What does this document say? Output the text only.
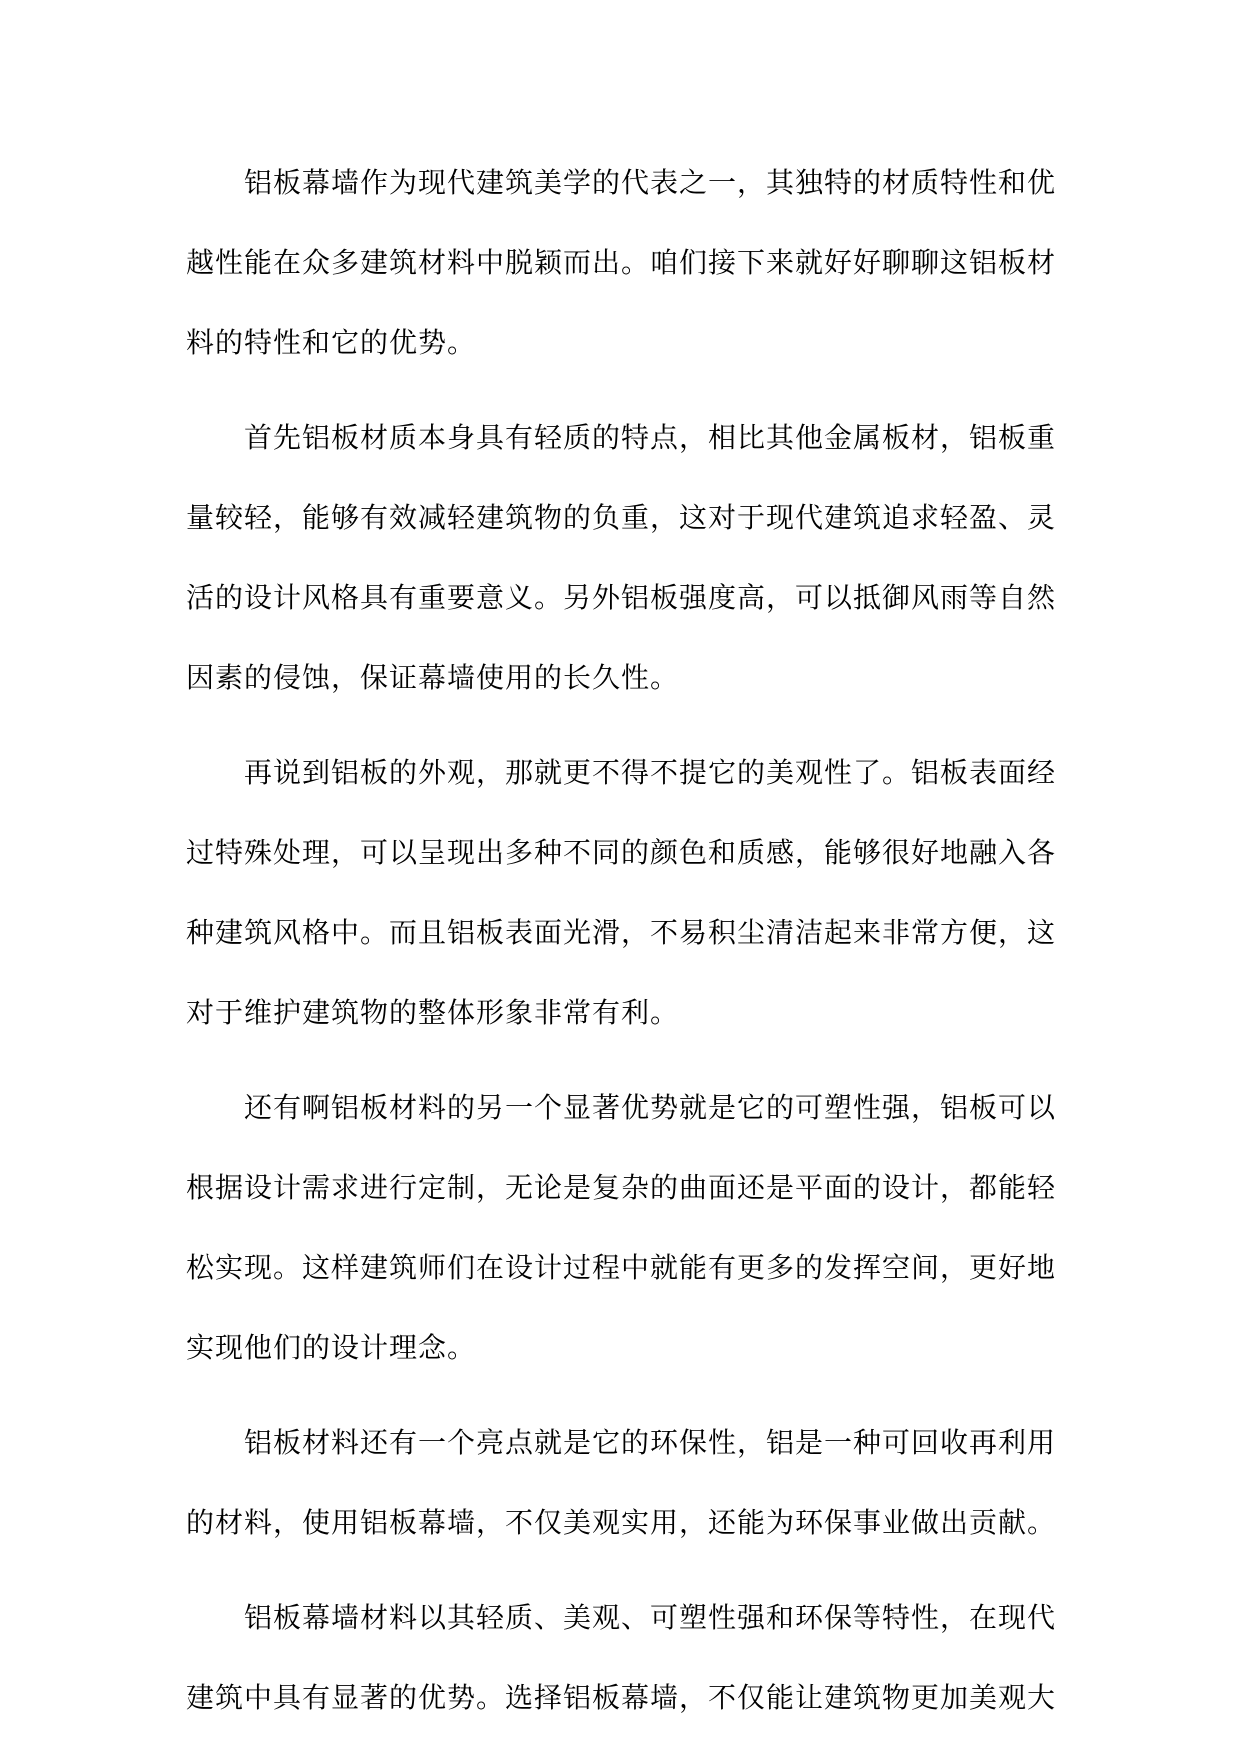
铝板幕墙作为现代建筑美学的代表之一，其独特的材质特性和优越性能在众多建筑材料中脱颖而出。咱们接下来就好好聊聊这铝板材料的特性和它的优势。

首先铝板材质本身具有轻质的特点，相比其他金属板材，铝板重量较轻，能够有效减轻建筑物的负重，这对于现代建筑追求轻盈、灵活的设计风格具有重要意义。另外铝板强度高，可以抵御风雨等自然因素的侵蚀，保证幕墙使用的长久性。

再说到铝板的外观，那就更不得不提它的美观性了。铝板表面经过特殊处理，可以呈现出多种不同的颜色和质感，能够很好地融入各种建筑风格中。而且铝板表面光滑，不易积尘清洁起来非常方便，这对于维护建筑物的整体形象非常有利。

还有啊铝板材料的另一个显著优势就是它的可塑性强，铝板可以根据设计需求进行定制，无论是复杂的曲面还是平面的设计，都能轻松实现。这样建筑师们在设计过程中就能有更多的发挥空间，更好地实现他们的设计理念。

铝板材料还有一个亮点就是它的环保性，铝是一种可回收再利用的材料，使用铝板幕墙，不仅美观实用，还能为环保事业做出贡献。

铝板幕墙材料以其轻质、美观、可塑性强和环保等特性，在现代建筑中具有显著的优势。选择铝板幕墙，不仅能让建筑物更加美观大
